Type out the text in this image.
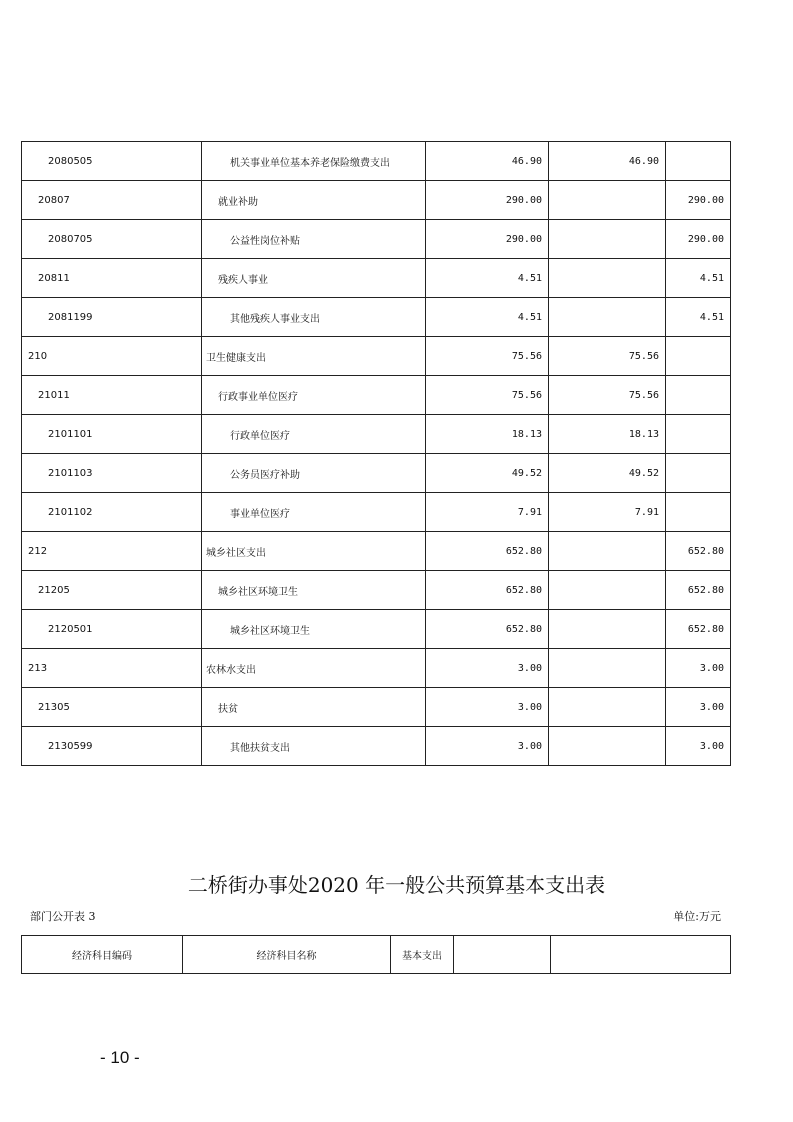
2080505	机关事业单位基本养老保险缴费支出	46.90	46.90	
20807	就业补助	290.00		290.00
2080705	公益性岗位补贴	290.00		290.00
20811	残疾人事业	4.51		4.51
2081199	其他残疾人事业支出	4.51		4.51
210	卫生健康支出	75.56	75.56	
21011	行政事业单位医疗	75.56	75.56	
2101101	行政单位医疗	18.13	18.13	
2101103	公务员医疗补助	49.52	49.52	
2101102	事业单位医疗	7.91	7.91	
212	城乡社区支出	652.80		652.80
21205	城乡社区环境卫生	652.80		652.80
2120501	城乡社区环境卫生	652.80		652.80
213	农林水支出	3.00		3.00
21305	扶贫	3.00		3.00
2130599	其他扶贫支出	3.00		3.00
二桥街办事处2020 年一般公共预算基本支出表
部门公开表 3	单位:万元
经济科目编码	经济科目名称	基本支出		
- 10 -
